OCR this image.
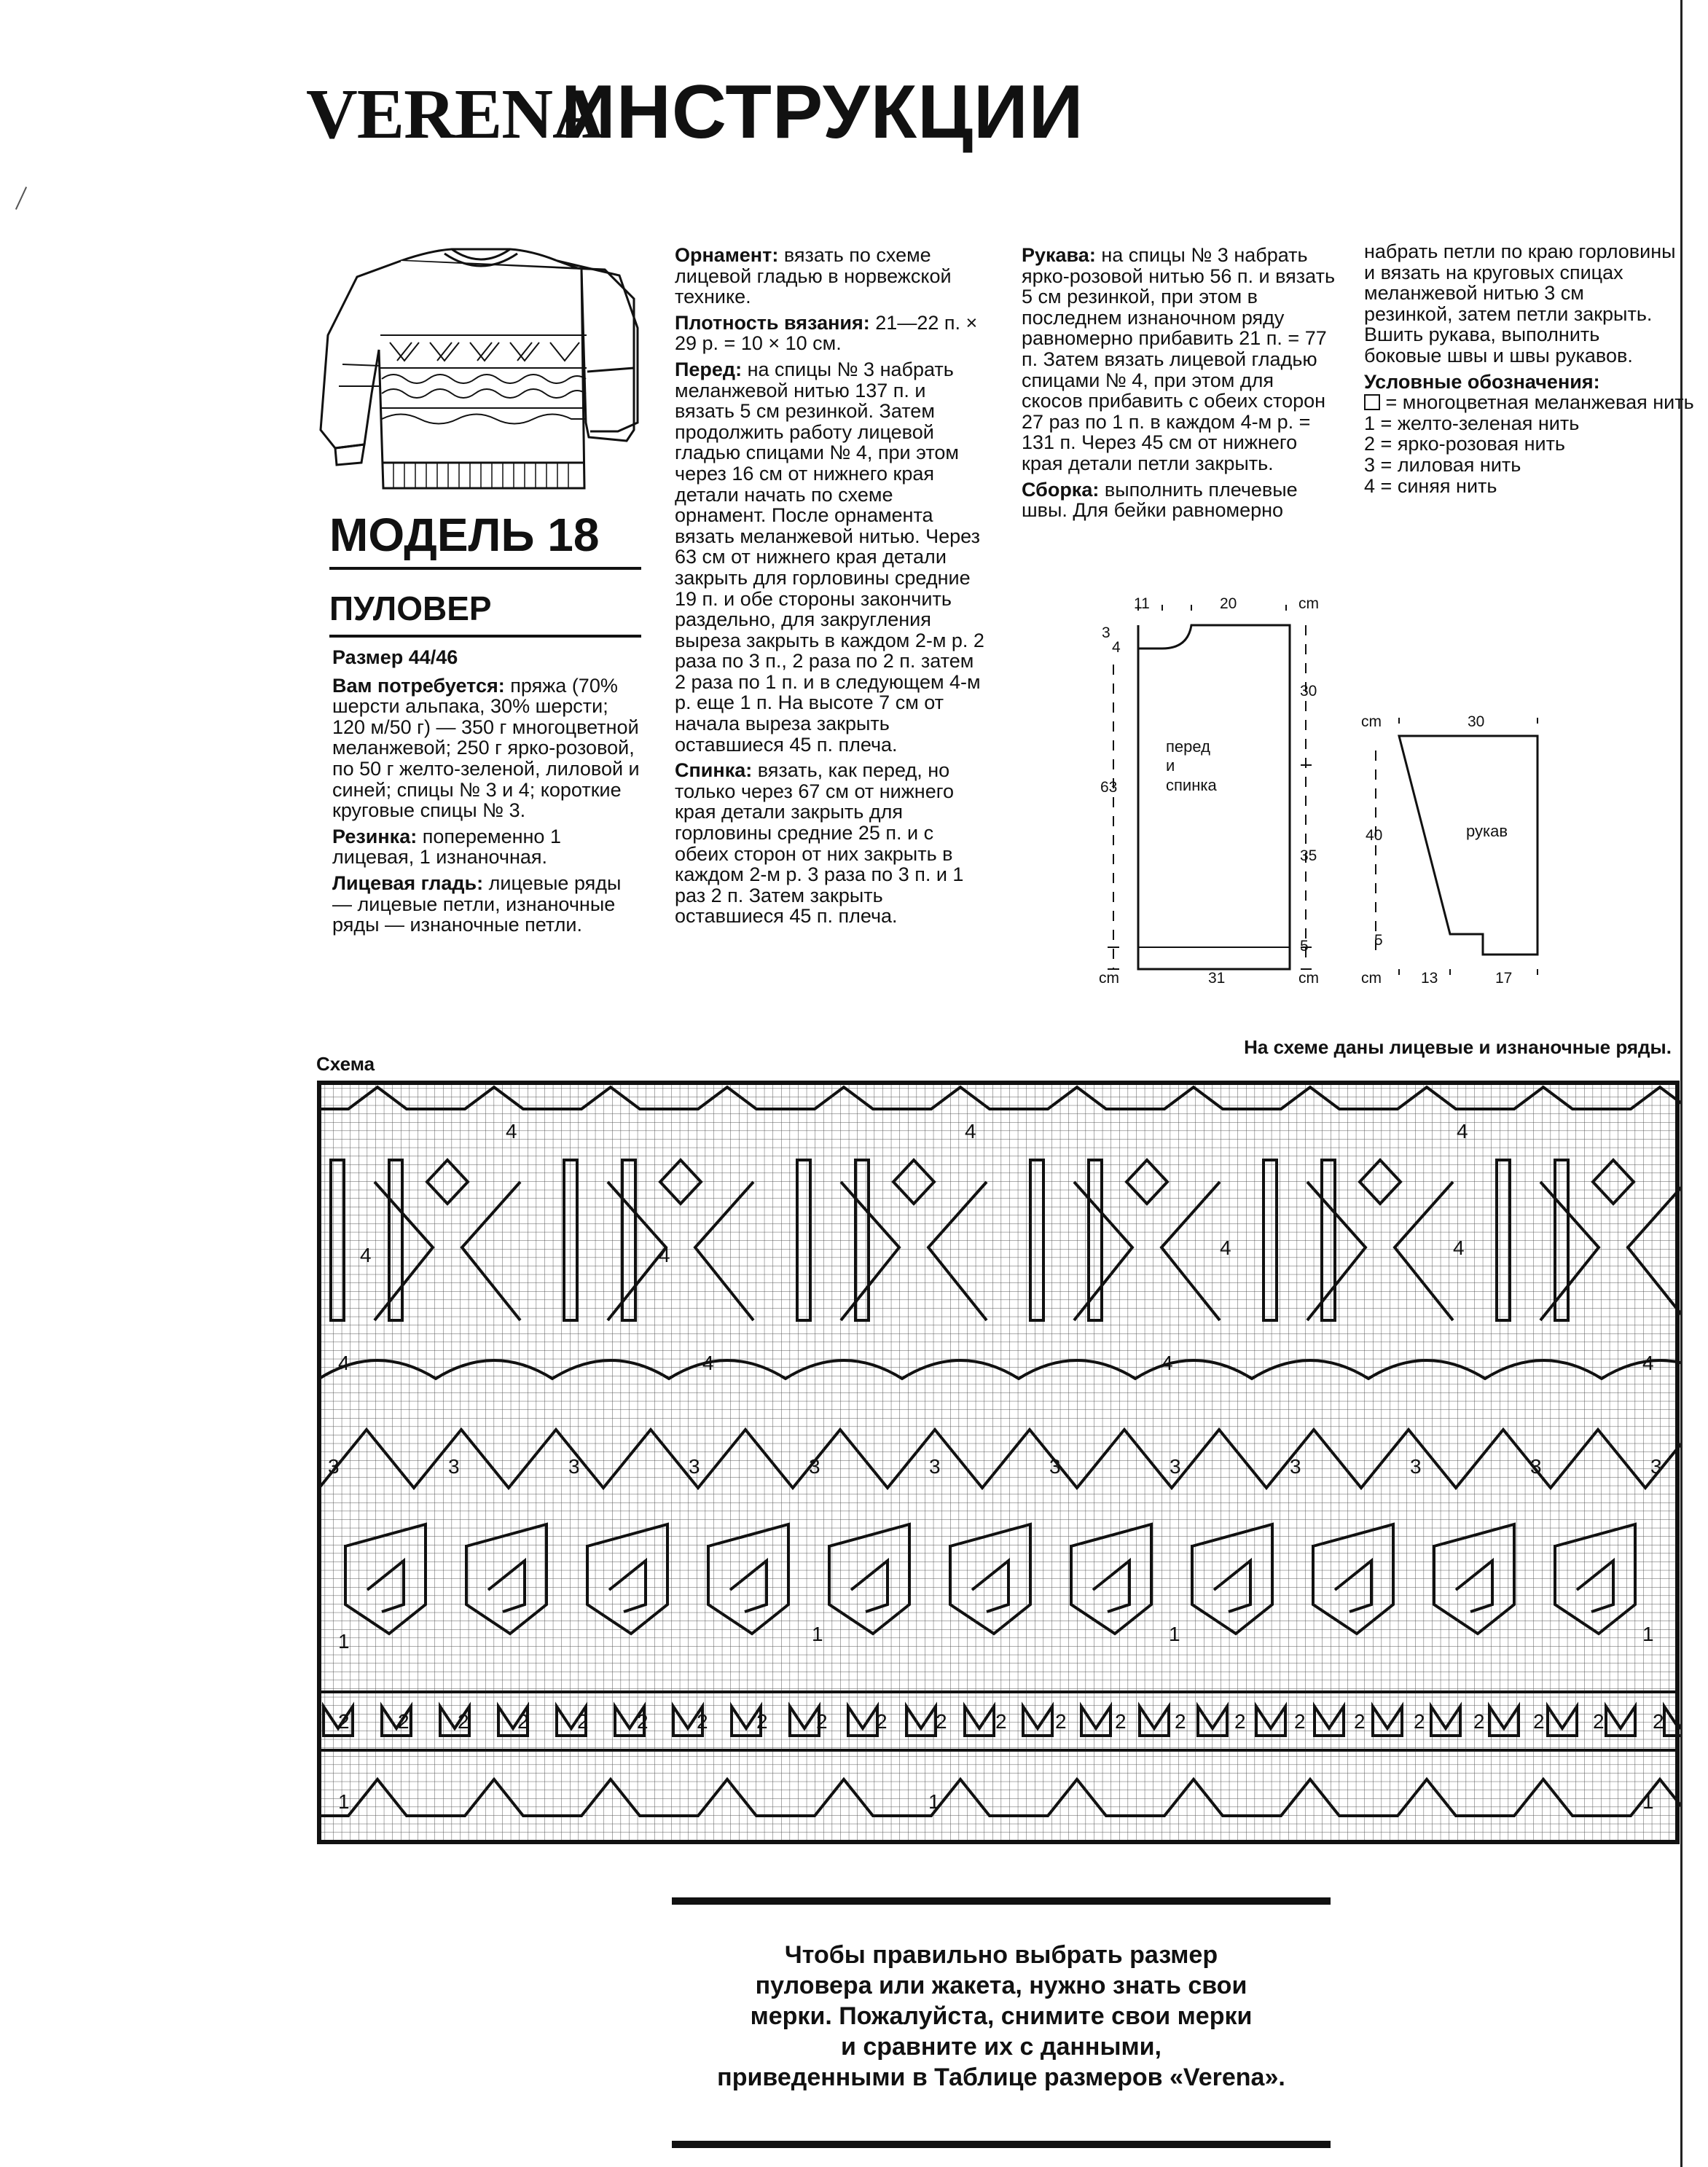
VERENA
ИНСТРУКЦИИ
МОДЕЛЬ 18
ПУЛОВЕР

Размер 44/46

Вам потребуется: пряжа (70% шерсти альпака, 30% шерсти; 120 м/50 г) — 350 г многоцветной меланжевой; 250 г ярко-розовой, по 50 г желто-зеленой, лиловой и синей; спицы № 3 и 4; короткие круговые спицы № 3.

Резинка: попеременно 1 лицевая, 1 изнаночная.

Лицевая гладь: лицевые ряды — лицевые петли, изнаночные ряды — изнаночные петли.

Орнамент: вязать по схеме лицевой гладью в норвежской технике.

Плотность вязания: 21—22 п. × 29 р. = 10 × 10 см.

Перед: на спицы № 3 набрать меланжевой нитью 137 п. и вязать 5 см резинкой. Затем продолжить работу лицевой гладью спицами № 4, при этом через 16 см от нижнего края детали начать по схеме орнамент. После орнамента вязать меланжевой нитью. Через 63 см от нижнего края детали закрыть для горловины средние 19 п. и обе стороны закончить раздельно, для закругления выреза закрыть в каждом 2-м р. 2 раза по 3 п., 2 раза по 2 п. затем 2 раза по 1 п. и в следующем 4-м р. еще 1 п. На высоте 7 см от начала выреза закрыть оставшиеся 45 п. плеча.

Спинка: вязать, как перед, но только через 67 см от нижнего края детали закрыть для горловины средние 25 п. и с обеих сторон от них закрыть в каждом 2-м р. 3 раза по 3 п. и 1 раз 2 п. Затем закрыть оставшиеся 45 п. плеча.

Рукава: на спицы № 3 набрать ярко-розовой нитью 56 п. и вязать 5 см резинкой, при этом в последнем изнаночном ряду равномерно прибавить 21 п. = 77 п. Затем вязать лицевой гладью спицами № 4, при этом для скосов прибавить с обеих сторон 27 раз по 1 п. в каждом 4-м р. = 131 п. Через 45 см от нижнего края детали петли закрыть.

Сборка: выполнить плечевые швы. Для бейки равномерно

набрать петли по краю горловины и вязать на круговых спицах меланжевой нитью 3 см резинкой, затем петли закрыть. Вшить рукава, выполнить боковые швы и швы рукавов.

Условные обозначения:

= многоцветная меланжевая нить
1 = желто-зеленая нить
2 = ярко-розовая нить
3 = лиловая нить
4 = синяя нить
11	20	cm
3
4
30
63
35
5
cm	31	cm
перед
и
спинка
cm	30
40
5
cm	13	17
рукав
Схема
На схеме даны лицевые и изнаночные ряды.
4	4	4
4	4	4	4
4	4	4	4
3	3	3	3	3	3	3	3	3	3	3	3
1	1	1	1
2 2 2 2 2 2 2 2 2 2 2 2 2 2 2 2 2 2 2 2 2 2 2
1	1	1
Чтобы правильно выбрать размер
пуловера или жакета, нужно знать свои
мерки. Пожалуйста, снимите свои мерки
и сравните их с данными,
приведенными в Таблице размеров «Verena».
